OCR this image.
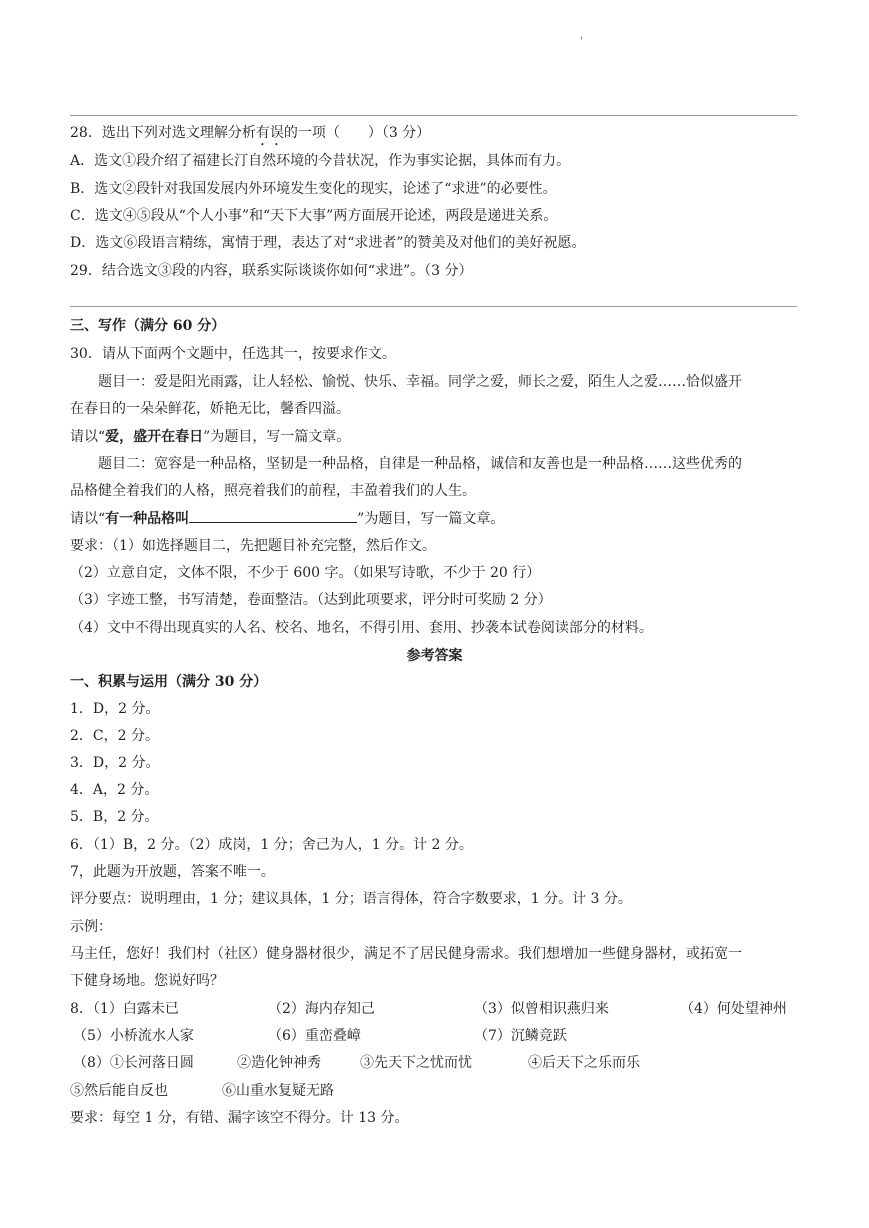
'
28．选出下列对选文理解分析有误的一项（　　）（3 分）
A．选文①段介绍了福建长汀自然环境的今昔状况，作为事实论据，具体而有力。
B．选文②段针对我国发展内外环境发生变化的现实，论述了“求进”的必要性。
C．选文④⑤段从“个人小事”和“天下大事”两方面展开论述，两段是递进关系。
D．选文⑥段语言精练，寓情于理，表达了对“求进者”的赞美及对他们的美好祝愿。
29．结合选文③段的内容，联系实际谈谈你如何“求进”。（3 分）
三、写作（满分 60 分）
30．请从下面两个文题中，任选其一，按要求作文。
题目一：爱是阳光雨露，让人轻松、愉悦、快乐、幸福。同学之爱，师长之爱，陌生人之爱……恰似盛开
在春日的一朵朵鲜花，娇艳无比，馨香四溢。
请以“爱，盛开在春日”为题目，写一篇文章。
题目二：宽容是一种品格，坚韧是一种品格，自律是一种品格，诚信和友善也是一种品格……这些优秀的
品格健全着我们的人格，照亮着我们的前程，丰盈着我们的人生。
请以“有一种品格叫	”为题目，写一篇文章。
要求：（1）如选择题目二，先把题目补充完整，然后作文。
（2）立意自定，文体不限，不少于 600 字。（如果写诗歌，不少于 20 行）
（3）字迹工整，书写清楚，卷面整洁。（达到此项要求，评分时可奖励 2 分）
（4）文中不得出现真实的人名、校名、地名，不得引用、套用、抄袭本试卷阅读部分的材料。
参考答案
一、积累与运用（满分 30 分）
1．D，2 分。
2．C，2 分。
3．D，2 分。
4．A，2 分。
5．B，2 分。
6．（1）B，2 分。（2）成岗，1 分；舍己为人，1 分。计 2 分。
7，此题为开放题，答案不唯一。
评分要点：说明理由，1 分；建议具体，1 分；语言得体，符合字数要求，1 分。计 3 分。
示例：
马主任，您好！我们村（社区）健身器材很少，满足不了居民健身需求。我们想增加一些健身器材，或拓宽一
下健身场地。您说好吗？
8．（1）白露未已	（2）海内存知己	（3）似曾相识燕归来	（4）何处望神州
（5）小桥流水人家	（6）重峦叠嶂	（7）沉鳞竞跃
（8）①长河落日圆	②造化钟神秀	③先天下之忧而忧	④后天下之乐而乐
⑤然后能自反也	⑥山重水复疑无路
要求：每空 1 分，有错、漏字该空不得分。计 13 分。
